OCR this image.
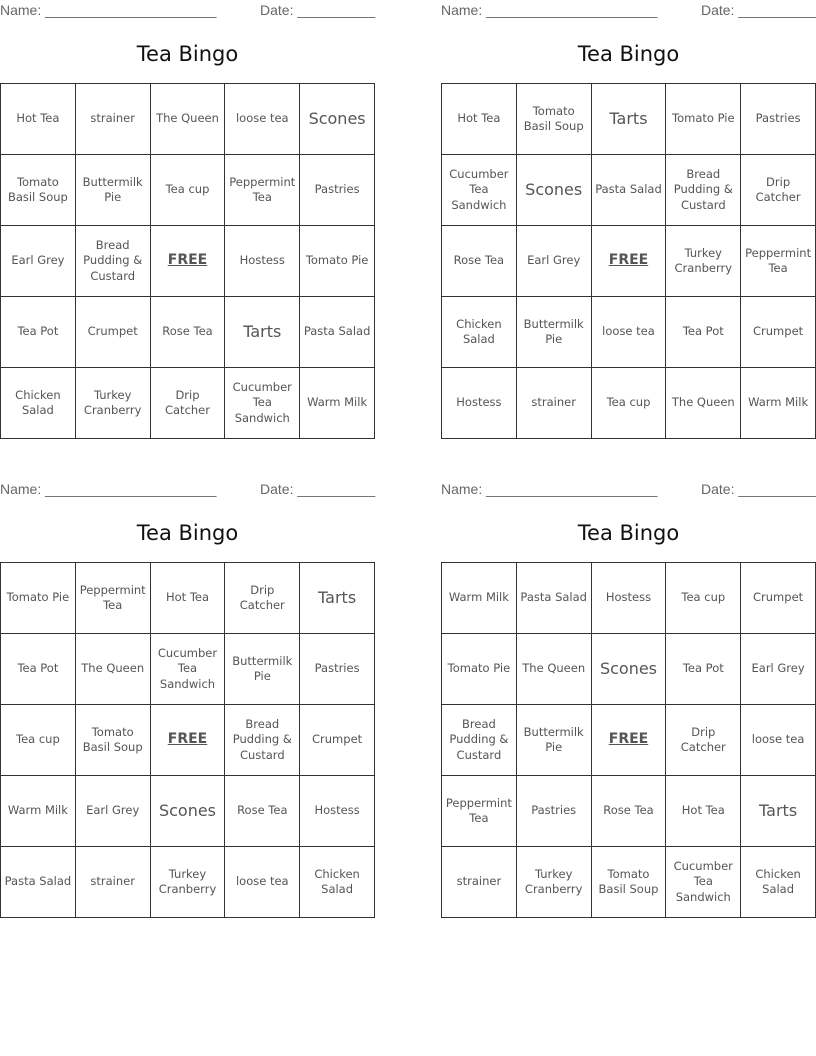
Name: ______________________	Date: __________
Tea Bingo
Hot Tea	strainer	The Queen	loose tea	Scones
Tomato Basil Soup	Buttermilk Pie	Tea cup	Peppermint Tea	Pastries
Earl Grey	Bread Pudding & Custard	FREE	Hostess	Tomato Pie
Tea Pot	Crumpet	Rose Tea	Tarts	Pasta Salad
Chicken Salad	Turkey Cranberry	Drip Catcher	Cucumber Tea Sandwich	Warm Milk
Name: ______________________	Date: __________
Tea Bingo
Hot Tea	Tomato Basil Soup	Tarts	Tomato Pie	Pastries
Cucumber Tea Sandwich	Scones	Pasta Salad	Bread Pudding & Custard	Drip Catcher
Rose Tea	Earl Grey	FREE	Turkey Cranberry	Peppermint Tea
Chicken Salad	Buttermilk Pie	loose tea	Tea Pot	Crumpet
Hostess	strainer	Tea cup	The Queen	Warm Milk
Name: ______________________	Date: __________
Tea Bingo
Tomato Pie	Peppermint Tea	Hot Tea	Drip Catcher	Tarts
Tea Pot	The Queen	Cucumber Tea Sandwich	Buttermilk Pie	Pastries
Tea cup	Tomato Basil Soup	FREE	Bread Pudding & Custard	Crumpet
Warm Milk	Earl Grey	Scones	Rose Tea	Hostess
Pasta Salad	strainer	Turkey Cranberry	loose tea	Chicken Salad
Name: ______________________	Date: __________
Tea Bingo
Warm Milk	Pasta Salad	Hostess	Tea cup	Crumpet
Tomato Pie	The Queen	Scones	Tea Pot	Earl Grey
Bread Pudding & Custard	Buttermilk Pie	FREE	Drip Catcher	loose tea
Peppermint Tea	Pastries	Rose Tea	Hot Tea	Tarts
strainer	Turkey Cranberry	Tomato Basil Soup	Cucumber Tea Sandwich	Chicken Salad
